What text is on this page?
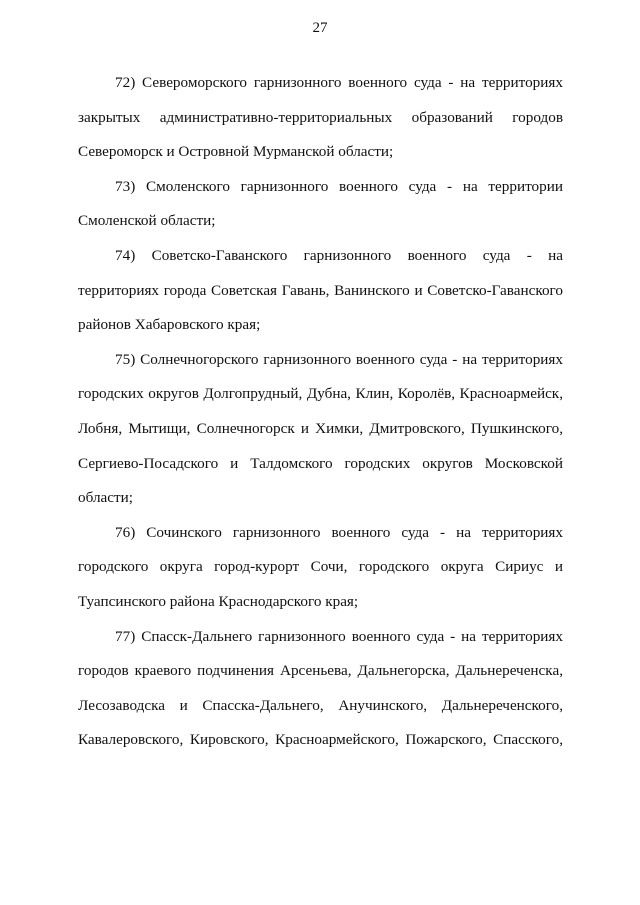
27

72) Североморского гарнизонного военного суда - на территориях
закрытых административно-территориальных образований городов
Североморск и Островной Мурманской области;

73) Смоленского гарнизонного военного суда - на территории
Смоленской области;

74) Советско-Гаванского гарнизонного военного суда - на
территориях города Советская Гавань, Ванинского и Советско-Гаванского
районов Хабаровского края;

75) Солнечногорского гарнизонного военного суда - на территориях
городских округов Долгопрудный, Дубна, Клин, Королёв, Красноармейск,
Лобня, Мытищи, Солнечногорск и Химки, Дмитровского, Пушкинского,
Сергиево-Посадского и Талдомского городских округов Московской
области;

76) Сочинского гарнизонного военного суда - на территориях
городского округа город-курорт Сочи, городского округа Сириус и
Туапсинского района Краснодарского края;

77) Спасск-Дальнего гарнизонного военного суда - на территориях
городов краевого подчинения Арсеньева, Дальнегорска, Дальнереченска,
Лесозаводска и Спасска-Дальнего, Анучинского, Дальнереченского,
Кавалеровского, Кировского, Красноармейского, Пожарского, Спасского,
